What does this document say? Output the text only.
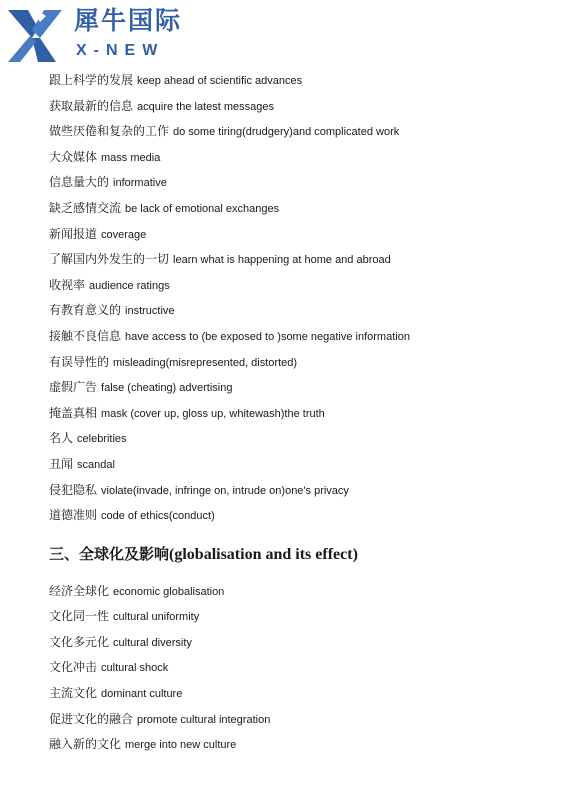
犀牛国际
X-NEW
跟上科学的发展 keep ahead of scientific advances
获取最新的信息 acquire the latest messages
做些厌倦和复杂的工作 do some tiring(drudgery)and complicated work
大众媒体 mass media
信息量大的 informative
缺乏感情交流 be lack of emotional exchanges
新闻报道 coverage
了解国内外发生的一切 learn what is happening at home and abroad
收视率 audience ratings
有教育意义的 instructive
接触不良信息 have access to (be exposed to )some negative information
有误导性的 misleading(misrepresented, distorted)
虚假广告 false (cheating) advertising
掩盖真相 mask (cover up, gloss up, whitewash)the truth
名人 celebrities
丑闻 scandal
侵犯隐私 violate(invade, infringe on, intrude on)one's privacy
道德准则 code of ethics(conduct)
三、全球化及影响(globalisation and its effect)
经济全球化 economic globalisation
文化同一性 cultural uniformity
文化多元化 cultural diversity
文化冲击 cultural shock
主流文化 dominant culture
促进文化的融合 promote cultural integration
融入新的文化 merge into new culture
